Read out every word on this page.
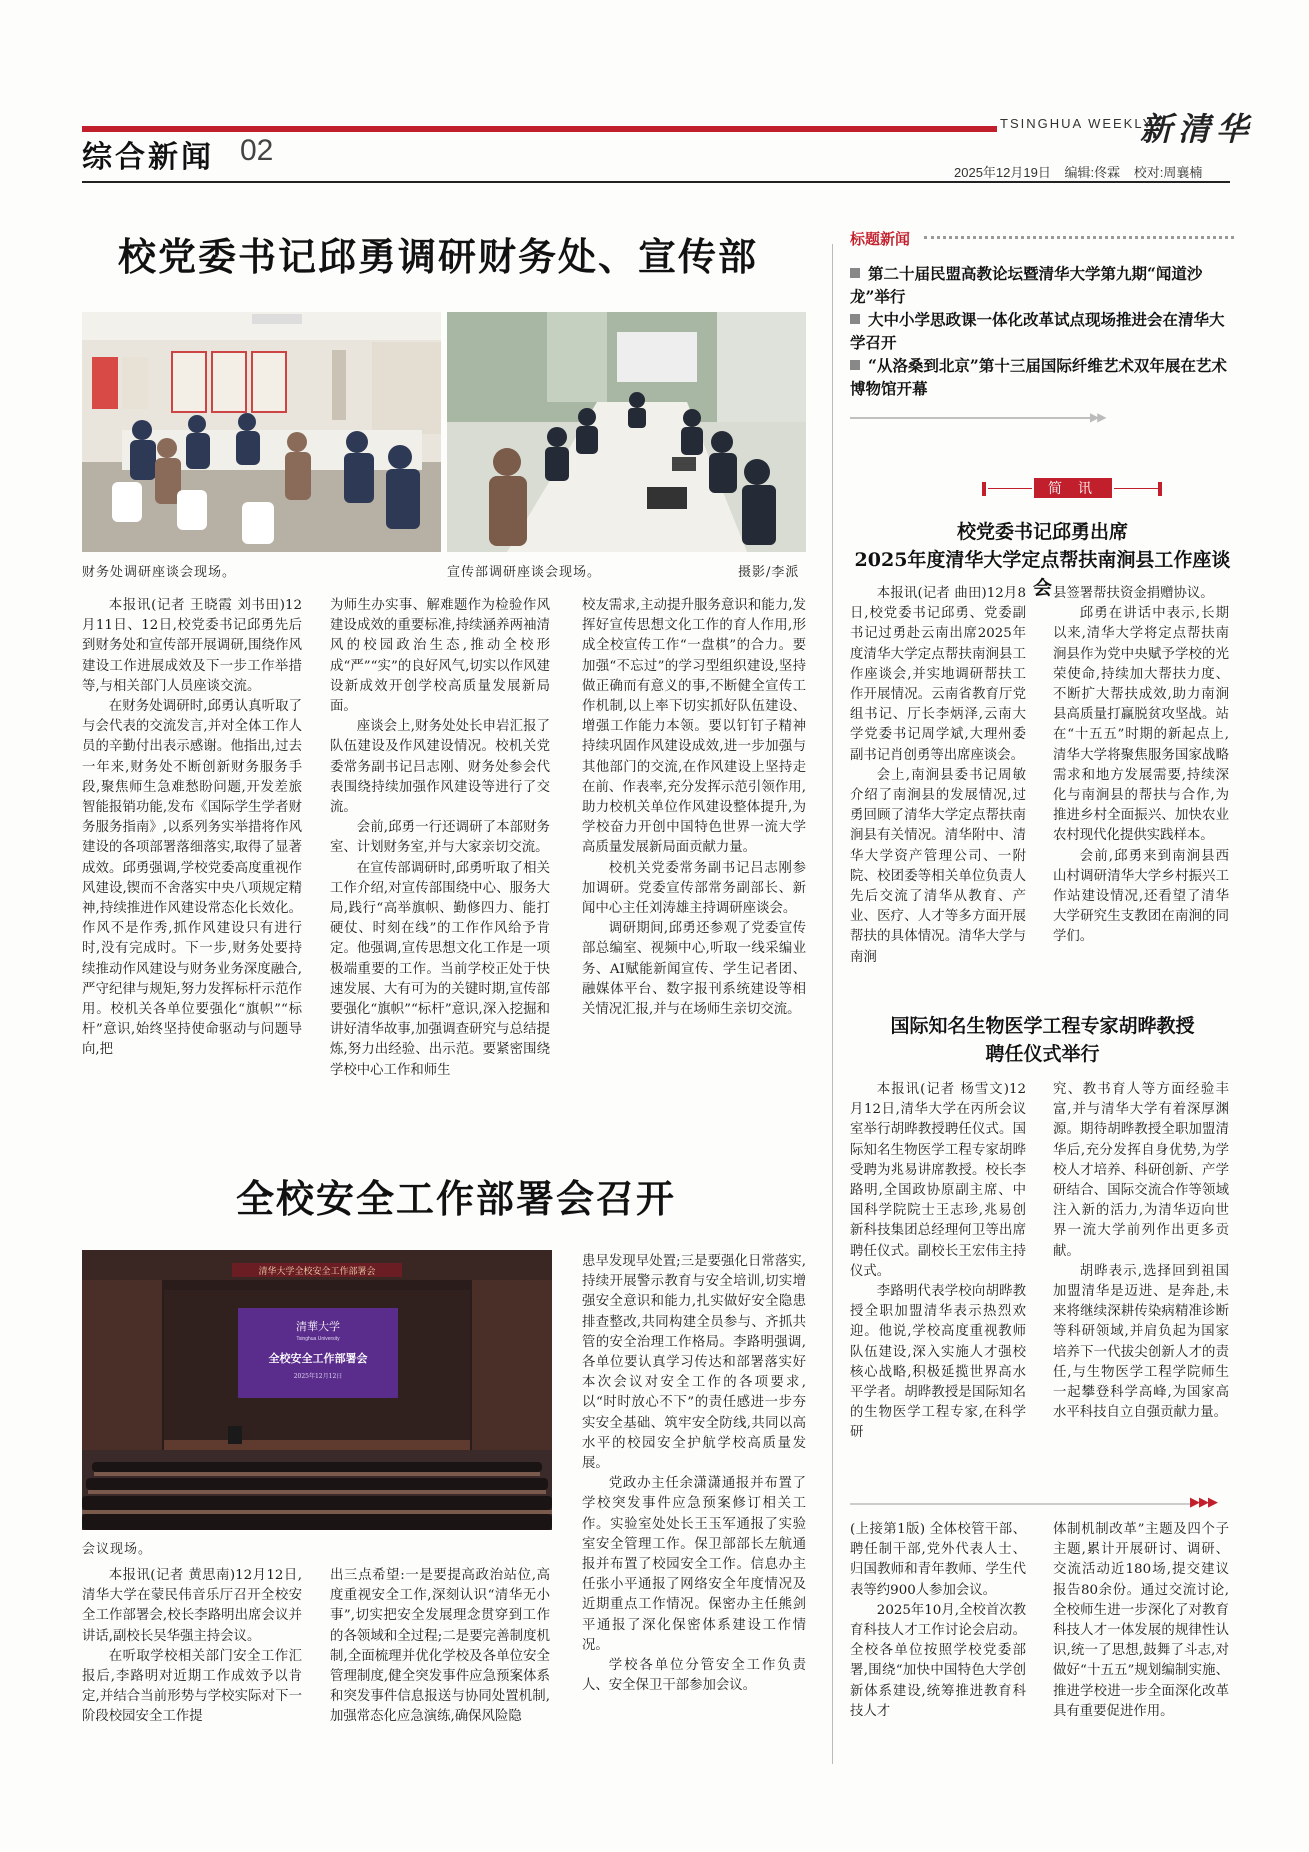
TSINGHUA WEEKLY
新清华
综合新闻 02
2025年12月19日 编辑:佟霖 校对:周襄楠
校党委书记邱勇调研财务处、宣传部
财务处调研座谈会现场。	宣传部调研座谈会现场。	摄影/李派

本报讯(记者 王晓霞 刘书田)12月11日、12日,校党委书记邱勇先后到财务处和宣传部开展调研,围绕作风建设工作进展成效及下一步工作举措等,与相关部门人员座谈交流。

在财务处调研时,邱勇认真听取了与会代表的交流发言,并对全体工作人员的辛勤付出表示感谢。他指出,过去一年来,财务处不断创新财务服务手段,聚焦师生急难愁盼问题,开发差旅智能报销功能,发布《国际学生学者财务服务指南》,以系列务实举措将作风建设的各项部署落细落实,取得了显著成效。邱勇强调,学校党委高度重视作风建设,锲而不舍落实中央八项规定精神,持续推进作风建设常态化长效化。作风不是作秀,抓作风建设只有进行时,没有完成时。下一步,财务处要持续推动作风建设与财务业务深度融合,严守纪律与规矩,努力发挥标杆示范作用。校机关各单位要强化“旗帜”“标杆”意识,始终坚持使命驱动与问题导向,把

为师生办实事、解难题作为检验作风建设成效的重要标准,持续涵养两袖清风的校园政治生态,推动全校形成“严”“实”的良好风气,切实以作风建设新成效开创学校高质量发展新局面。

座谈会上,财务处处长申岩汇报了队伍建设及作风建设情况。校机关党委常务副书记吕志刚、财务处参会代表围绕持续加强作风建设等进行了交流。

会前,邱勇一行还调研了本部财务室、计划财务室,并与大家亲切交流。

在宣传部调研时,邱勇听取了相关工作介绍,对宣传部围绕中心、服务大局,践行“高举旗帜、勤修四力、能打硬仗、时刻在线”的工作作风给予肯定。他强调,宣传思想文化工作是一项极端重要的工作。当前学校正处于快速发展、大有可为的关键时期,宣传部要强化“旗帜”“标杆”意识,深入挖掘和讲好清华故事,加强调查研究与总结提炼,努力出经验、出示范。要紧密围绕学校中心工作和师生

校友需求,主动提升服务意识和能力,发挥好宣传思想文化工作的育人作用,形成全校宣传工作“一盘棋”的合力。要加强“不忘过”的学习型组织建设,坚持做正确而有意义的事,不断健全宣传工作机制,以上率下切实抓好队伍建设、增强工作能力本领。要以钉钉子精神持续巩固作风建设成效,进一步加强与其他部门的交流,在作风建设上坚持走在前、作表率,充分发挥示范引领作用,助力校机关单位作风建设整体提升,为学校奋力开创中国特色世界一流大学高质量发展新局面贡献力量。

校机关党委常务副书记吕志刚参加调研。党委宣传部常务副部长、新闻中心主任刘涛雄主持调研座谈会。

调研期间,邱勇还参观了党委宣传部总编室、视频中心,听取一线采编业务、AI赋能新闻宣传、学生记者团、融媒体平台、数字报刊系统建设等相关情况汇报,并与在场师生亲切交流。

全校安全工作部署会召开
清华大学全校安全工作部署会
清華大学
Tsinghua University
全校安全工作部署会
2025年12月12日
会议现场。

患早发现早处置;三是要强化日常落实,持续开展警示教育与安全培训,切实增强安全意识和能力,扎实做好安全隐患排查整改,共同构建全员参与、齐抓共管的安全治理工作格局。李路明强调,各单位要认真学习传达和部署落实好本次会议对安全工作的各项要求,以“时时放心不下”的责任感进一步夯实安全基础、筑牢安全防线,共同以高水平的校园安全护航学校高质量发展。

党政办主任余潇潇通报并布置了学校突发事件应急预案修订相关工作。实验室处处长王玉军通报了实验室安全管理工作。保卫部部长左航通报并布置了校园安全工作。信息办主任张小平通报了网络安全年度情况及近期重点工作情况。保密办主任熊剑平通报了深化保密体系建设工作情况。

学校各单位分管安全工作负责人、安全保卫干部参加会议。

本报讯(记者 黄思南)12月12日,清华大学在蒙民伟音乐厅召开全校安全工作部署会,校长李路明出席会议并讲话,副校长吴华强主持会议。

在听取学校相关部门安全工作汇报后,李路明对近期工作成效予以肯定,并结合当前形势与学校实际对下一阶段校园安全工作提

出三点希望:一是要提高政治站位,高度重视安全工作,深刻认识“清华无小事”,切实把安全发展理念贯穿到工作的各领域和全过程;二是要完善制度机制,全面梳理并优化学校及各单位安全管理制度,健全突发事件应急预案体系和突发事件信息报送与协同处置机制,加强常态化应急演练,确保风险隐

标题新闻
第二十届民盟高教论坛暨清华大学第九期“闻道沙龙”举行
大中小学思政课一体化改革试点现场推进会在清华大学召开
“从洛桑到北京”第十三届国际纤维艺术双年展在艺术博物馆开幕
▶▶
简 讯
校党委书记邱勇出席
2025年度清华大学定点帮扶南涧县工作座谈会

本报讯(记者 曲田)12月8日,校党委书记邱勇、党委副书记过勇赴云南出席2025年度清华大学定点帮扶南涧县工作座谈会,并实地调研帮扶工作开展情况。云南省教育厅党组书记、厅长李炳泽,云南大学党委书记周学斌,大理州委副书记肖创勇等出席座谈会。

会上,南涧县委书记周敏介绍了南涧县的发展情况,过勇回顾了清华大学定点帮扶南涧县有关情况。清华附中、清华大学资产管理公司、一附院、校团委等相关单位负责人先后交流了清华从教育、产业、医疗、人才等多方面开展帮扶的具体情况。清华大学与南涧

县签署帮扶资金捐赠协议。

邱勇在讲话中表示,长期以来,清华大学将定点帮扶南涧县作为党中央赋予学校的光荣使命,持续加大帮扶力度、不断扩大帮扶成效,助力南涧县高质量打赢脱贫攻坚战。站在“十五五”时期的新起点上,清华大学将聚焦服务国家战略需求和地方发展需要,持续深化与南涧县的帮扶与合作,为推进乡村全面振兴、加快农业农村现代化提供实践样本。

会前,邱勇来到南涧县西山村调研清华大学乡村振兴工作站建设情况,还看望了清华大学研究生支教团在南涧的同学们。

国际知名生物医学工程专家胡晔教授
聘任仪式举行

本报讯(记者 杨雪文)12月12日,清华大学在丙所会议室举行胡晔教授聘任仪式。国际知名生物医学工程专家胡晔受聘为兆易讲席教授。校长李路明,全国政协原副主席、中国科学院院士王志珍,兆易创新科技集团总经理何卫等出席聘任仪式。副校长王宏伟主持仪式。

李路明代表学校向胡晔教授全职加盟清华表示热烈欢迎。他说,学校高度重视教师队伍建设,深入实施人才强校核心战略,积极延揽世界高水平学者。胡晔教授是国际知名的生物医学工程专家,在科学研

究、教书育人等方面经验丰富,并与清华大学有着深厚渊源。期待胡晔教授全职加盟清华后,充分发挥自身优势,为学校人才培养、科研创新、产学研结合、国际交流合作等领域注入新的活力,为清华迈向世界一流大学前列作出更多贡献。

胡晔表示,选择回到祖国加盟清华是迈进、是奔赴,未来将继续深耕传染病精准诊断等科研领域,并肩负起为国家培养下一代拔尖创新人才的责任,与生物医学工程学院师生一起攀登科学高峰,为国家高水平科技自立自强贡献力量。

▶▶▶

(上接第1版) 全体校管干部、聘任制干部,党外代表人士、归国教师和青年教师、学生代表等约900人参加会议。

2025年10月,全校首次教育科技人才工作讨论会启动。全校各单位按照学校党委部署,围绕“加快中国特色大学创新体系建设,统筹推进教育科技人才

体制机制改革”主题及四个子主题,累计开展研讨、调研、交流活动近180场,提交建议报告80余份。通过交流讨论,全校师生进一步深化了对教育科技人才一体发展的规律性认识,统一了思想,鼓舞了斗志,对做好“十五五”规划编制实施、推进学校进一步全面深化改革具有重要促进作用。
